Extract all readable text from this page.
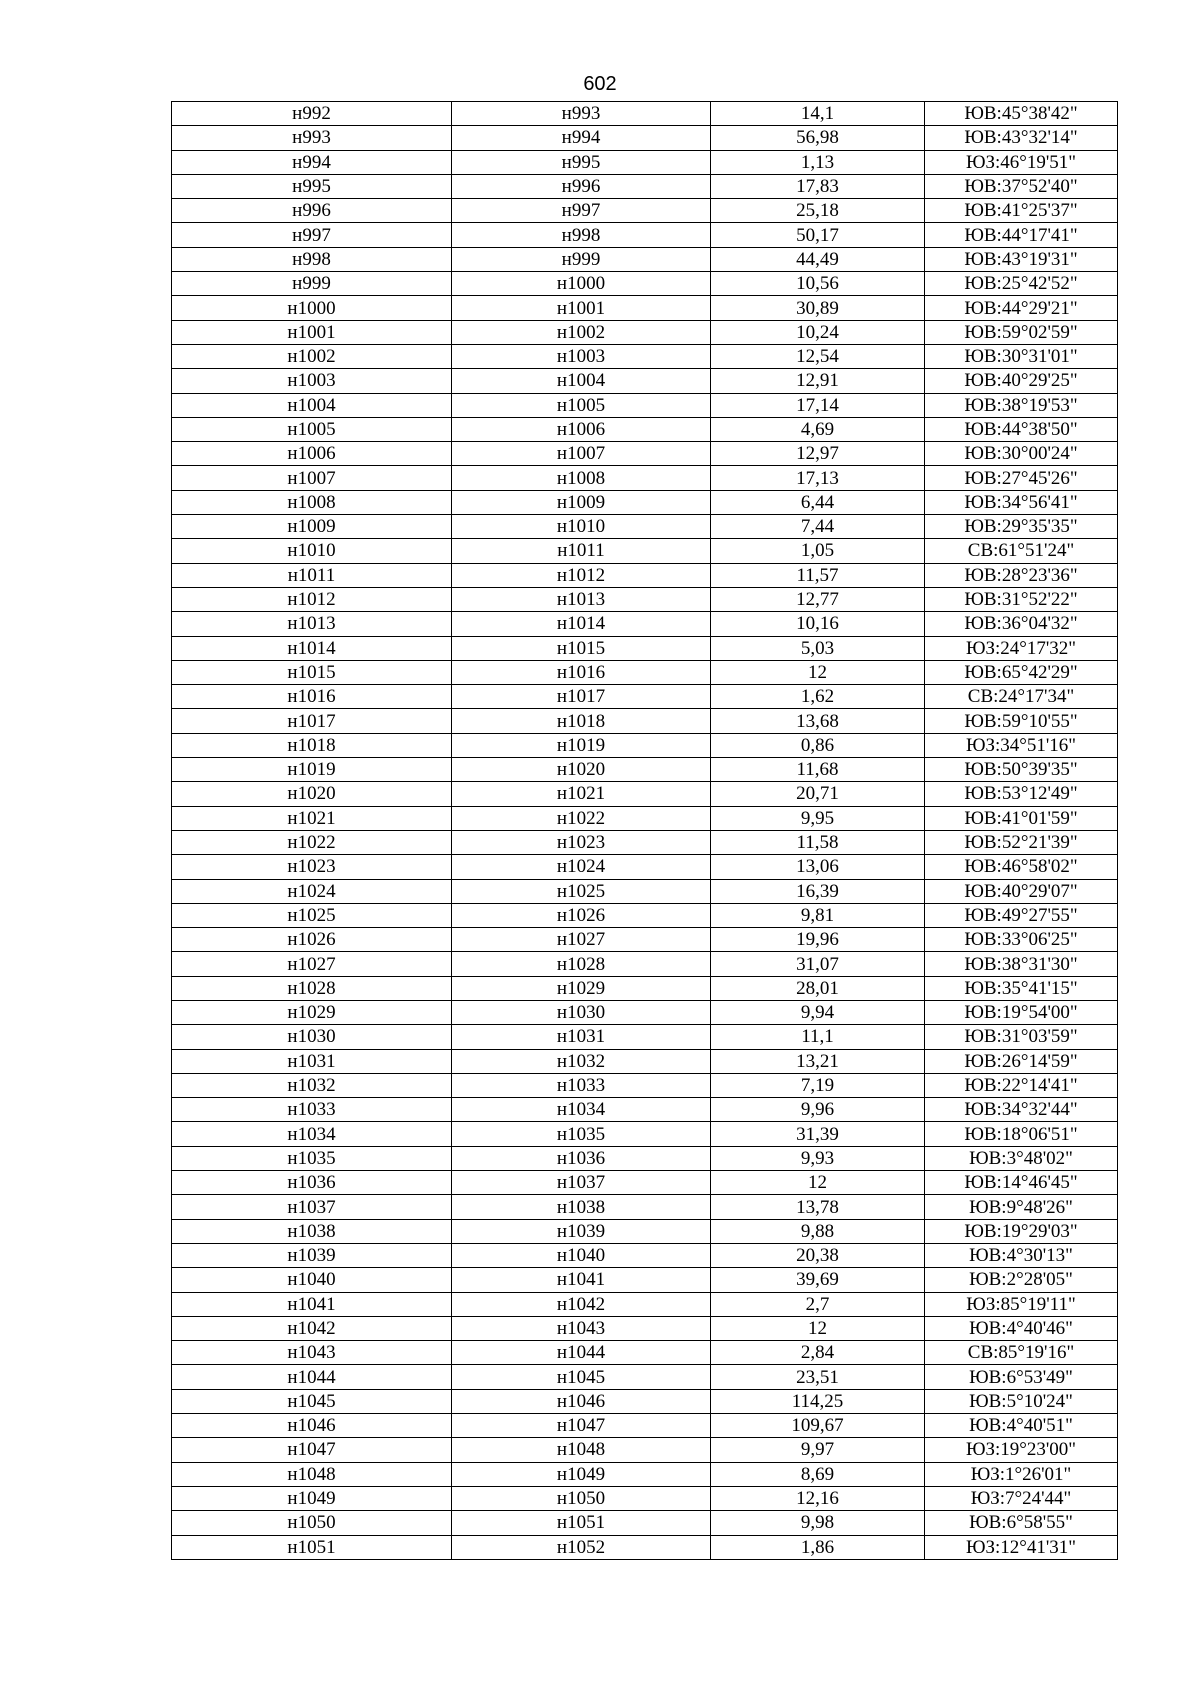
602
н992	н993	14,1	ЮВ:45°38'42"
н993	н994	56,98	ЮВ:43°32'14"
н994	н995	1,13	ЮЗ:46°19'51"
н995	н996	17,83	ЮВ:37°52'40"
н996	н997	25,18	ЮВ:41°25'37"
н997	н998	50,17	ЮВ:44°17'41"
н998	н999	44,49	ЮВ:43°19'31"
н999	н1000	10,56	ЮВ:25°42'52"
н1000	н1001	30,89	ЮВ:44°29'21"
н1001	н1002	10,24	ЮВ:59°02'59"
н1002	н1003	12,54	ЮВ:30°31'01"
н1003	н1004	12,91	ЮВ:40°29'25"
н1004	н1005	17,14	ЮВ:38°19'53"
н1005	н1006	4,69	ЮВ:44°38'50"
н1006	н1007	12,97	ЮВ:30°00'24"
н1007	н1008	17,13	ЮВ:27°45'26"
н1008	н1009	6,44	ЮВ:34°56'41"
н1009	н1010	7,44	ЮВ:29°35'35"
н1010	н1011	1,05	СВ:61°51'24"
н1011	н1012	11,57	ЮВ:28°23'36"
н1012	н1013	12,77	ЮВ:31°52'22"
н1013	н1014	10,16	ЮВ:36°04'32"
н1014	н1015	5,03	ЮЗ:24°17'32"
н1015	н1016	12	ЮВ:65°42'29"
н1016	н1017	1,62	СВ:24°17'34"
н1017	н1018	13,68	ЮВ:59°10'55"
н1018	н1019	0,86	ЮЗ:34°51'16"
н1019	н1020	11,68	ЮВ:50°39'35"
н1020	н1021	20,71	ЮВ:53°12'49"
н1021	н1022	9,95	ЮВ:41°01'59"
н1022	н1023	11,58	ЮВ:52°21'39"
н1023	н1024	13,06	ЮВ:46°58'02"
н1024	н1025	16,39	ЮВ:40°29'07"
н1025	н1026	9,81	ЮВ:49°27'55"
н1026	н1027	19,96	ЮВ:33°06'25"
н1027	н1028	31,07	ЮВ:38°31'30"
н1028	н1029	28,01	ЮВ:35°41'15"
н1029	н1030	9,94	ЮВ:19°54'00"
н1030	н1031	11,1	ЮВ:31°03'59"
н1031	н1032	13,21	ЮВ:26°14'59"
н1032	н1033	7,19	ЮВ:22°14'41"
н1033	н1034	9,96	ЮВ:34°32'44"
н1034	н1035	31,39	ЮВ:18°06'51"
н1035	н1036	9,93	ЮВ:3°48'02"
н1036	н1037	12	ЮВ:14°46'45"
н1037	н1038	13,78	ЮВ:9°48'26"
н1038	н1039	9,88	ЮВ:19°29'03"
н1039	н1040	20,38	ЮВ:4°30'13"
н1040	н1041	39,69	ЮВ:2°28'05"
н1041	н1042	2,7	ЮЗ:85°19'11"
н1042	н1043	12	ЮВ:4°40'46"
н1043	н1044	2,84	СВ:85°19'16"
н1044	н1045	23,51	ЮВ:6°53'49"
н1045	н1046	114,25	ЮВ:5°10'24"
н1046	н1047	109,67	ЮВ:4°40'51"
н1047	н1048	9,97	ЮЗ:19°23'00"
н1048	н1049	8,69	ЮЗ:1°26'01"
н1049	н1050	12,16	ЮЗ:7°24'44"
н1050	н1051	9,98	ЮВ:6°58'55"
н1051	н1052	1,86	ЮЗ:12°41'31"
